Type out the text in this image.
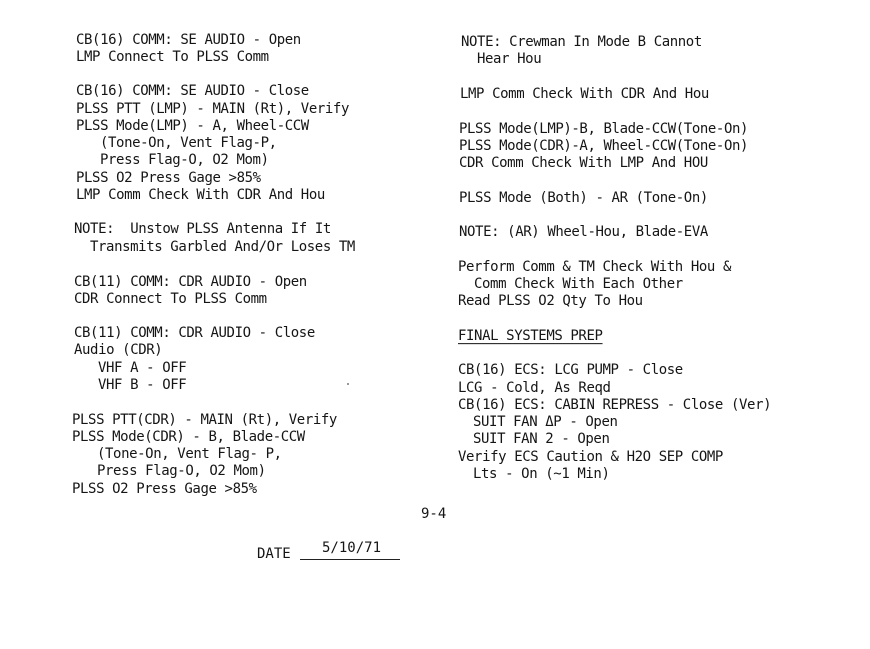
CB(16) COMM: SE AUDIO - Open
LMP Connect To PLSS Comm
CB(16) COMM: SE AUDIO - Close
PLSS PTT (LMP) - MAIN (Rt), Verify
PLSS Mode(LMP) - A, Wheel-CCW
(Tone-On, Vent Flag-P,
Press Flag-O, O2 Mom)
PLSS O2 Press Gage >85%
LMP Comm Check With CDR And Hou
NOTE:  Unstow PLSS Antenna If It
Transmits Garbled And/Or Loses TM
CB(11) COMM: CDR AUDIO - Open
CDR Connect To PLSS Comm
CB(11) COMM: CDR AUDIO - Close
Audio (CDR)
VHF A - OFF
VHF B - OFF
PLSS PTT(CDR) - MAIN (Rt), Verify
PLSS Mode(CDR) - B, Blade-CCW
(Tone-On, Vent Flag- P,
Press Flag-O, O2 Mom)
PLSS O2 Press Gage >85%
NOTE: Crewman In Mode B Cannot
Hear Hou
LMP Comm Check With CDR And Hou
PLSS Mode(LMP)-B, Blade-CCW(Tone-On)
PLSS Mode(CDR)-A, Wheel-CCW(Tone-On)
CDR Comm Check With LMP And HOU
PLSS Mode (Both) - AR (Tone-On)
NOTE: (AR) Wheel-Hou, Blade-EVA
Perform Comm & TM Check With Hou &
Comm Check With Each Other
Read PLSS O2 Qty To Hou
FINAL SYSTEMS PREP
CB(16) ECS: LCG PUMP - Close
LCG - Cold, As Reqd
CB(16) ECS: CABIN REPRESS - Close (Ver)
SUIT FAN ΔP - Open
SUIT FAN 2 - Open
Verify ECS Caution & H2O SEP COMP
Lts - On (~1 Min)
9-4
DATE 5/10/71
